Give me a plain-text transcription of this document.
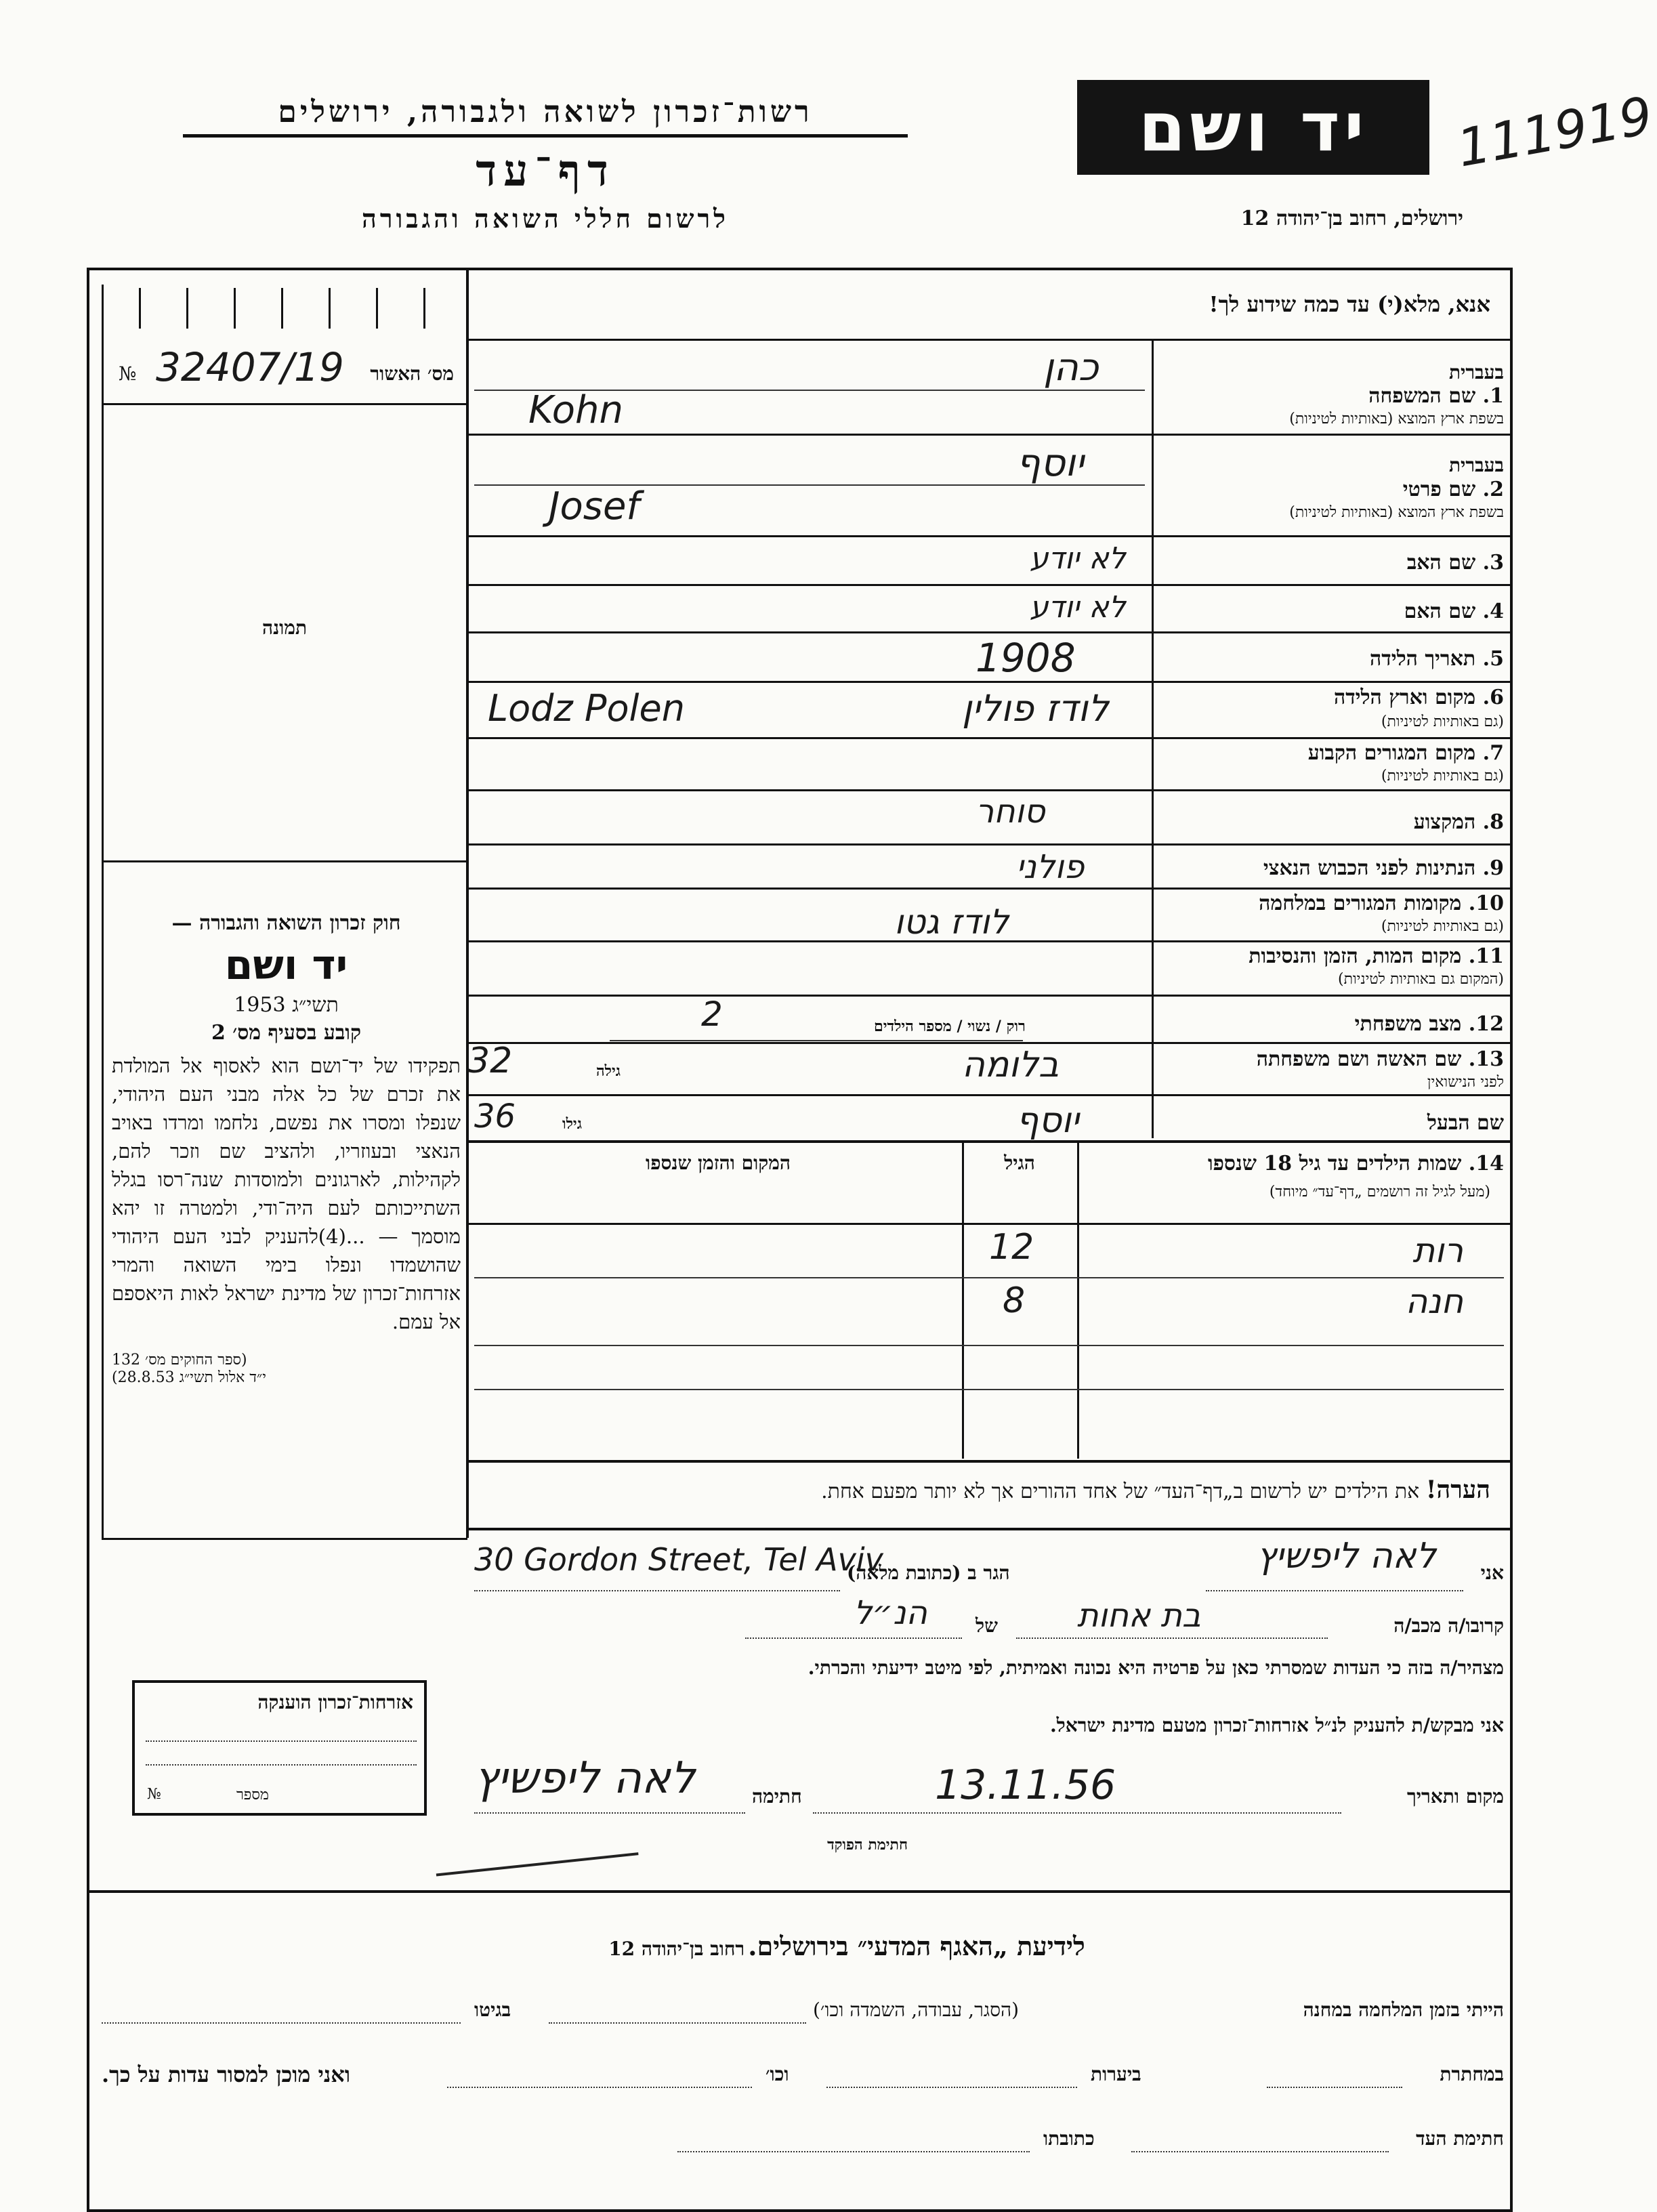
רשות־זכרון לשואה ולגבורה, ירושלים
דף־עד
לרשום חללי השואה והגבורה
יד ושם	111919
ירושלים, רחוב בן־יהודה 12
№ 32407/19 מס׳ האשור
תמונה
חוק זכרון השואה והגבורה —
יד ושם
תשי״ג 1953
קובע בסעיף מס׳ 2
תפקידו של יד־ושם הוא לאסוף אל המולדת את זכרם של כל אלה מבני העם היהודי, שנפלו ומסרו את נפשם, נלחמו ומרדו באויב הנאצי ובעוזריו, ולהציב שם וזכר להם, לקהילות, לארגונים ולמוסדות שנה־רסו בגלל השתייכותם לעם היה־ודי, ולמטרה זו יהא מוסמך — ...(4)להעניק לבני העם היהודי שהושמדו ונפלו בימי השואה והמרי אזרחות־זכרון של מדינת ישראל לאות היאספם אל עמם.
(ספר החוקים מס׳ 132
י״ד אלול תשי״ג 28.8.53)
אנא, מלא(י) עד כמה שידוע לך!
בעברית
1. שם המשפחה
בשפת ארץ המוצא (באותיות לטיניות)
כהן
Kohn
בעברית
2. שם פרטי
בשפת ארץ המוצא (באותיות לטיניות)
יוסף
Josef
3. שם האב
לא יודע
4. שם האם
לא יודע
5. תאריך הלידה
1908
6. מקום וארץ הלידה
(גם באותיות לטיניות)
לודז פולין
Lodz Polen
7. מקום המגורים הקבוע
(גם באותיות לטיניות)
8. המקצוע
סוחר
9. הנתינות לפני הכבוש הנאצי
פולני
10. מקומות המגורים במלחמה
(גם באותיות לטיניות)
לודז גטו
11. מקום המות, הזמן והנסיבות
(המקום גם באותיות לטיניות)
12. מצב משפחתי
רוק / נשוי / מספר הילדים
2
13. שם האשה ושם משפחתה
לפני הנישואין
בלומה
גילה
32
שם הבעל
יוסף
גילו
36
14. שמות הילדים עד גיל 18 שנספו
(מעל לגיל זה רושמים „דף־עד״ מיוחד)
הגיל
המקום והזמן שנספו
רות
12
חנה
8
הערה! את הילדים יש לרשום ב„דף־העד״ של אחד ההורים אך לא יותר מפעם אחת.
אני
לאה ליפשיץ
הגר ב (כתובת מלאה)
30 Gordon Street, Tel Aviv
קרובו/ה מכב/ה
בת אחות
של
הנ״ל
מצהיר/ה בזה כי העדות שמסרתי כאן על פרטיה היא נכונה ואמיתית, לפי מיטב ידיעתי והכרתי.
אני מבקש/ת להעניק לנ״ל אזרחות־זכרון מטעם מדינת ישראל.
מקום ותאריך
13.11.56
חתימה
לאה ליפשיץ
חתימת הפוקד
אזרחות־זכרון הוענקה
№	מספר
לידיעת „האגף המדעי״ בירושלים. רחוב בן־יהודה 12
הייתי בזמן המלחמה במחנה
(הסגר, עבודה, השמדה וכו׳)
בגיטו
במחתרת
ביערות
וכו׳
ואני מוכן למסור עדות על כך.
חתימת העד
כתובתו
